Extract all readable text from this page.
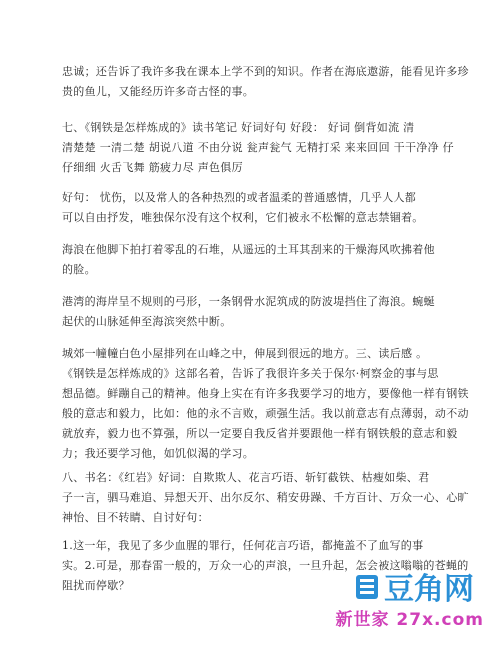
忠诚；还告诉了我许多我在课本上学不到的知识。作者在海底遨游，能看见许多珍
贵的鱼儿，又能经历许多奇古怪的事。
七、《钢铁是怎样炼成的》读书笔记 好词好句 好段： 好词 倒背如流 清
清楚楚 一清二楚 胡说八道 不由分说 瓮声瓮气 无精打采 来来回回 干干净净 仔
仔细细 火舌飞舞 筋疲力尽 声色俱厉
好句： 忧伤，以及常人的各种热烈的或者温柔的普通感情，几乎人人都
可以自由抒发，唯独保尔没有这个权利，它们被永不松懈的意志禁锢着。
海浪在他脚下拍打着零乱的石堆，从遥远的土耳其刮来的干燥海风吹拂着他
的脸。
港湾的海岸呈不规则的弓形，一条钢骨水泥筑成的防波堤挡住了海浪。蜿蜒
起伏的山脉延伸至海滨突然中断。
城郊一幢幢白色小屋排列在山峰之中，伸展到很远的地方。三、读后感 。
《钢铁是怎样炼成的》这部名着，告诉了我很许多关于保尔·柯察金的事与思
想品德。鲜蹦自己的精神。他身上实在有许多我要学习的地方，要像他一样有钢铁
般的意志和毅力，比如：他的永不言败，顽强生活。我以前意志有点薄弱，动不动
就放弃，毅力也不算强，所以一定要自我反省并要跟他一样有钢铁般的意志和毅
力；我还要学习他，如饥似渴的学习。
八、书名：《红岩》好词：自欺欺人、花言巧语、斩钉截铁、枯瘦如柴、君
子一言，驷马难追、异想天开、出尔反尔、稍安毋躁、千方百计、万众一心、心旷
神怡、目不转睛、自讨好句：
1.这一年，我见了多少血腥的罪行，任何花言巧语，都掩盖不了血写的事
实。2.可是，那春雷一般的，万众一心的声浪，一旦升起，怎会被这嗡嗡的苍蝇的
阻扰而停歇？	豆角网
新世家 27x.com
